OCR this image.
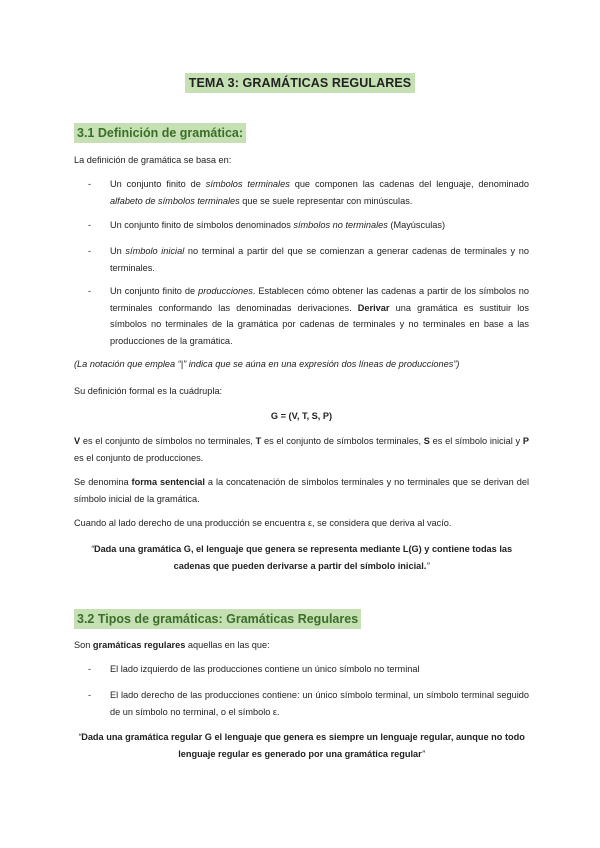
TEMA 3: GRAMÁTICAS REGULARES
3.1 Definición de gramática:
La definición de gramática se basa en:
-	Un conjunto finito de símbolos terminales que componen las cadenas del lenguaje, denominado alfabeto de símbolos terminales que se suele representar con minúsculas.
-	Un conjunto finito de símbolos denominados símbolos no terminales (Mayúsculas)
-	Un símbolo inicial no terminal a partir del que se comienzan a generar cadenas de terminales y no terminales.
-	Un conjunto finito de producciones. Establecen cómo obtener las cadenas a partir de los símbolos no terminales conformando las denominadas derivaciones. Derivar una gramática es sustituir los símbolos no terminales de la gramática por cadenas de terminales y no terminales en base a las producciones de la gramática.
(La notación que emplea “|” indica que se aúna en una expresión dos líneas de producciones”)
Su definición formal es la cuádrupla:
G = (V, T, S, P)
V es el conjunto de símbolos no terminales, T es el conjunto de símbolos terminales, S es el símbolo inicial y P es el conjunto de producciones.
Se denomina forma sentencial a la concatenación de símbolos terminales y no terminales que se derivan del símbolo inicial de la gramática.
Cuando al lado derecho de una producción se encuentra ε, se considera que deriva al vacío.
“Dada una gramática G, el lenguaje que genera se representa mediante L(G) y contiene todas las cadenas que pueden derivarse a partir del símbolo inicial.”
3.2 Tipos de gramáticas: Gramáticas Regulares
Son gramáticas regulares aquellas en las que:
-	El lado izquierdo de las producciones contiene un único símbolo no terminal
-	El lado derecho de las producciones contiene: un único símbolo terminal, un símbolo terminal seguido de un símbolo no terminal, o el símbolo ε.
“Dada una gramática regular G el lenguaje que genera es siempre un lenguaje regular, aunque no todo lenguaje regular es generado por una gramática regular”
